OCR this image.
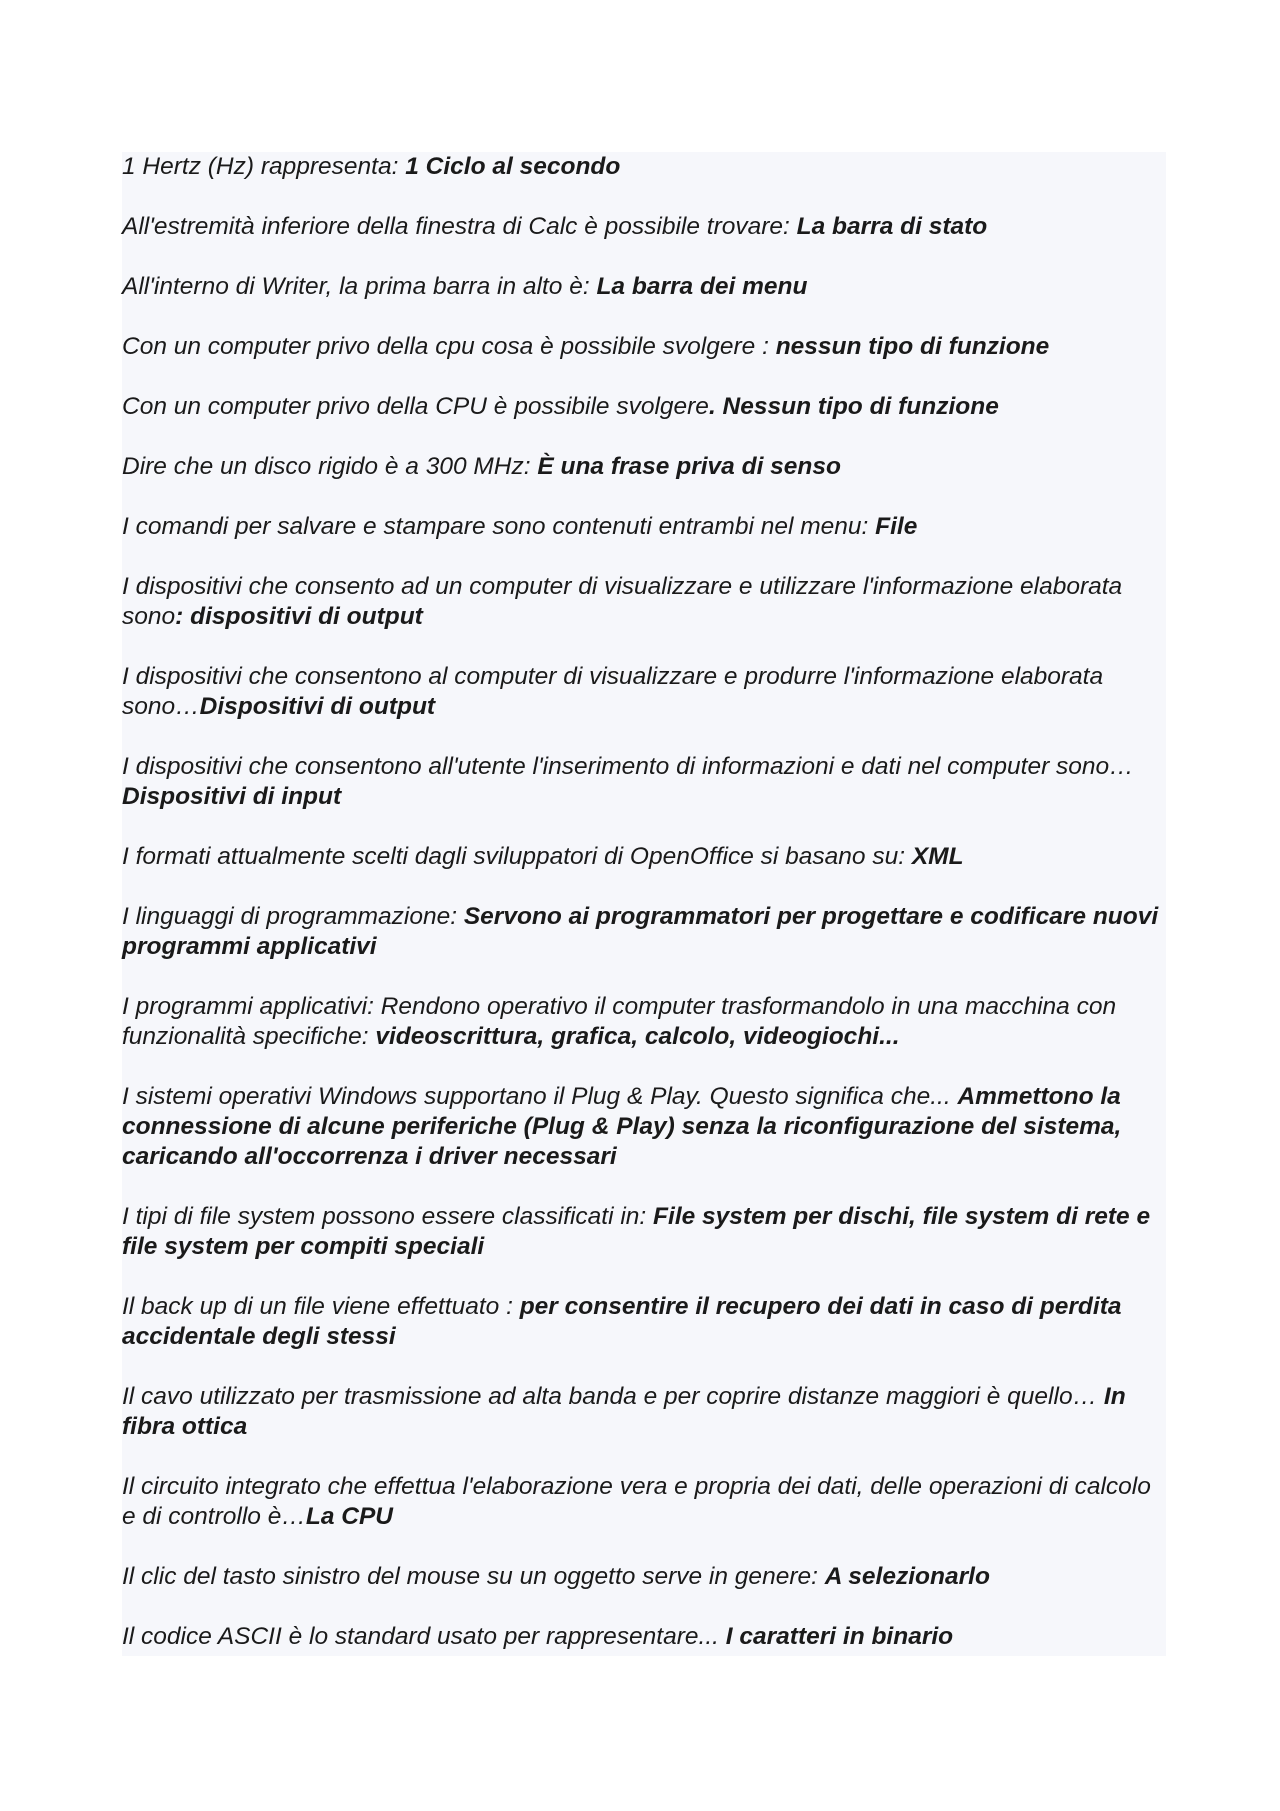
1 Hertz (Hz) rappresenta: 1 Ciclo al secondo

All'estremità inferiore della finestra di Calc è possibile trovare: La barra di stato

All'interno di Writer, la prima barra in alto è: La barra dei menu

Con un computer privo della cpu cosa è possibile svolgere : nessun tipo di funzione

Con un computer privo della CPU è possibile svolgere. Nessun tipo di funzione

Dire che un disco rigido è a 300 MHz: È una frase priva di senso

I comandi per salvare e stampare sono contenuti entrambi nel menu: File

I dispositivi che consento ad un computer di visualizzare e utilizzare l'informazione elaborata sono: dispositivi di output

I dispositivi che consentono al computer di visualizzare e produrre l'informazione elaborata sono…Dispositivi di output

I dispositivi che consentono all'utente l'inserimento di informazioni e dati nel computer sono…Dispositivi di input

I formati attualmente scelti dagli sviluppatori di OpenOffice si basano su: XML

I linguaggi di programmazione: Servono ai programmatori per progettare e codificare nuovi programmi applicativi

I programmi applicativi: Rendono operativo il computer trasformandolo in una macchina con funzionalità specifiche: videoscrittura, grafica, calcolo, videogiochi...

I sistemi operativi Windows supportano il Plug & Play. Questo significa che... Ammettono la connessione di alcune periferiche (Plug & Play) senza la riconfigurazione del sistema, caricando all'occorrenza i driver necessari

I tipi di file system possono essere classificati in: File system per dischi, file system di rete e file system per compiti speciali

Il back up di un file viene effettuato : per consentire il recupero dei dati in caso di perdita accidentale degli stessi

Il cavo utilizzato per trasmissione ad alta banda e per coprire distanze maggiori è quello… In fibra ottica

Il circuito integrato che effettua l'elaborazione vera e propria dei dati, delle operazioni di calcolo e di controllo è…La CPU

Il clic del tasto sinistro del mouse su un oggetto serve in genere: A selezionarlo

Il codice ASCII è lo standard usato per rappresentare... I caratteri in binario
